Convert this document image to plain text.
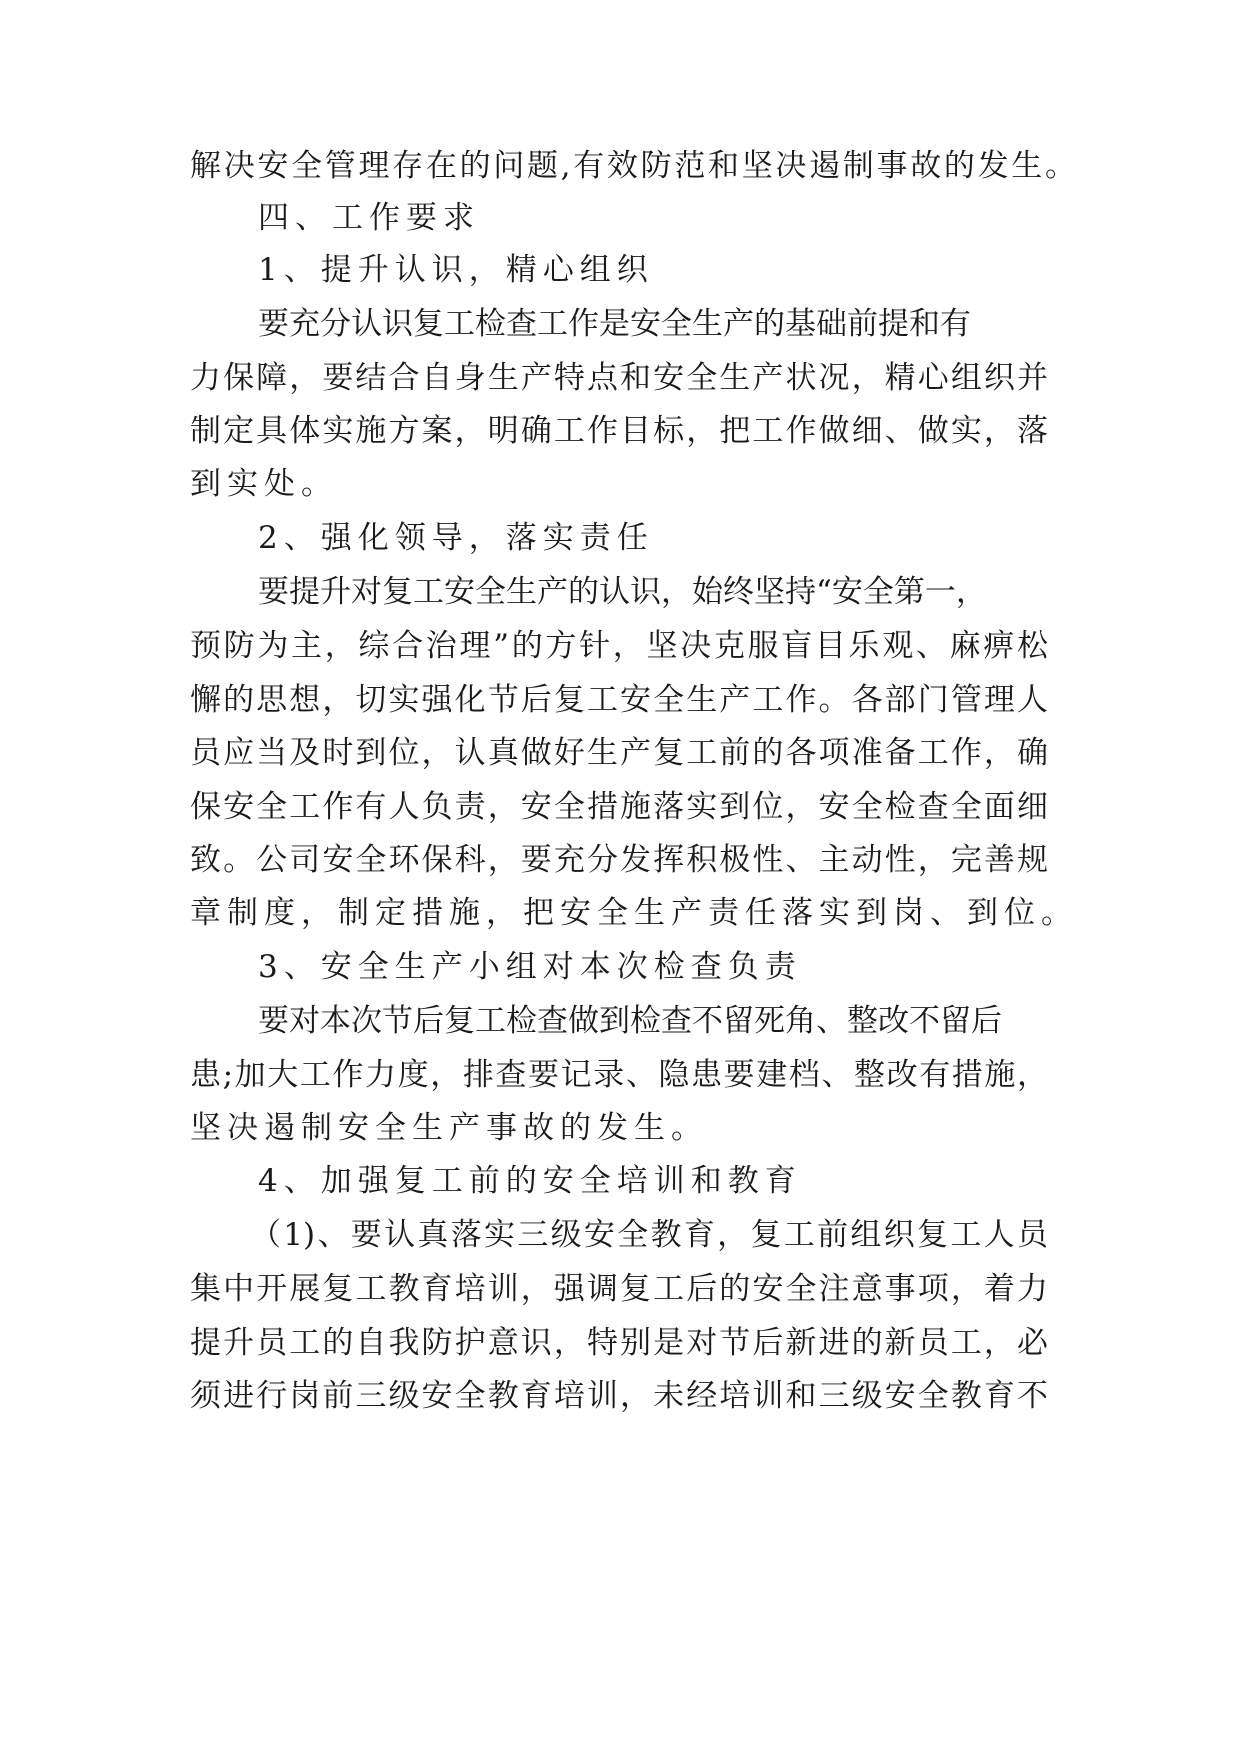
解决安全管理存在的问题,有效防范和坚决遏制事故的发生。
四、工作要求
1、提升认识，精心组织
要充分认识复工检查工作是安全生产的基础前提和有
力保障，要结合自身生产特点和安全生产状况，精心组织并
制定具体实施方案，明确工作目标，把工作做细、做实，落
到实处。
2、强化领导，落实责任
要提升对复工安全生产的认识，始终坚持“安全第一，
预防为主，综合治理”的方针，坚决克服盲目乐观、麻痹松
懈的思想，切实强化节后复工安全生产工作。各部门管理人
员应当及时到位，认真做好生产复工前的各项准备工作，确
保安全工作有人负责，安全措施落实到位，安全检查全面细
致。公司安全环保科，要充分发挥积极性、主动性，完善规
章制度，制定措施，把安全生产责任落实到岗、到位。
3、安全生产小组对本次检查负责
要对本次节后复工检查做到检查不留死角、整改不留后
患;加大工作力度，排查要记录、隐患要建档、整改有措施，
坚决遏制安全生产事故的发生。
4、加强复工前的安全培训和教育
（1)、要认真落实三级安全教育，复工前组织复工人员
集中开展复工教育培训，强调复工后的安全注意事项，着力
提升员工的自我防护意识，特别是对节后新进的新员工，必
须进行岗前三级安全教育培训，未经培训和三级安全教育不
